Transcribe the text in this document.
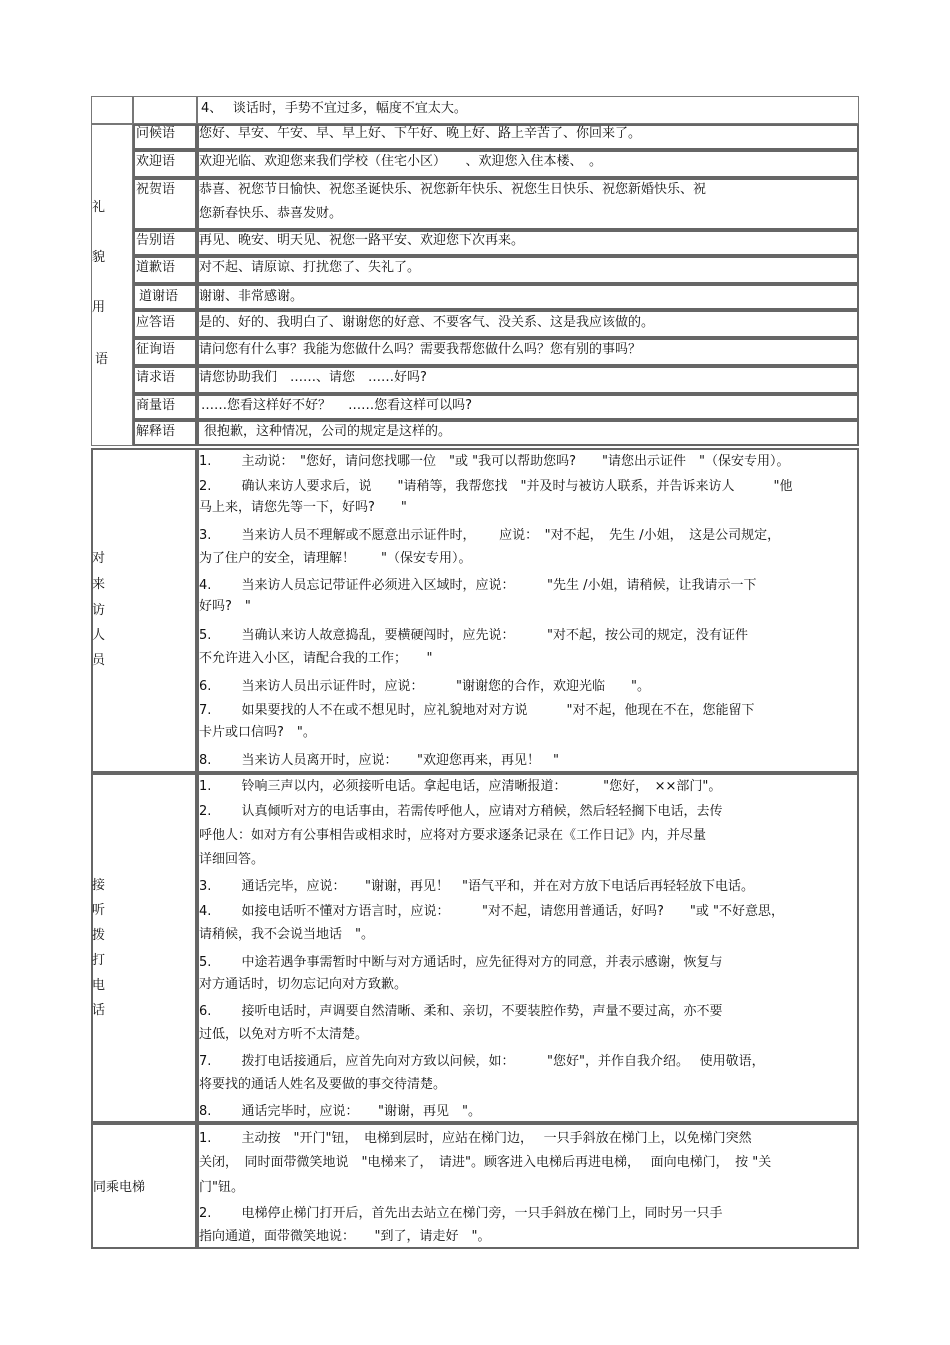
4、　 谈话时，手势不宜过多，幅度不宜太大。
礼
貌
用
语
问候语 您好、早安、午安、早、早上好、下午好、晚上好、路上辛苦了、你回来了。
欢迎语 欢迎光临、欢迎您来我们学校（住宅小区）　　、欢迎您入住本楼、　。
祝贺语 恭喜、祝您节日愉快、祝您圣诞快乐、祝您新年快乐、祝您生日快乐、祝您新婚快乐、祝
您新春快乐、恭喜发财。
告别语 再见、晚安、明天见、祝您一路平安、欢迎您下次再来。
道歉语 对不起、请原谅、打扰您了、失礼了。
道谢语 谢谢、非常感谢。
应答语 是的、好的、我明白了、谢谢您的好意、不要客气、没关系、这是我应该做的。
征询语 请问您有什么事？我能为您做什么吗？需要我帮您做什么吗？您有别的事吗？
请求语 请您协助我们　……、请您　……好吗?
商量语 ……您看这样好不好？　 ……您看这样可以吗?
解释语 很抱歉，这种情况，公司的规定是这样的。
对
来
访
人
员
1.　　 主动说：　"您好，请问您找哪一位　"或 "我可以帮助您吗?　　"请您出示证件　"（保安专用）。
2.　　 确认来访人要求后，说　　"请稍等，我帮您找　"并及时与被访人联系，并告诉来访人　　　"他
马上来，请您先等一下，好吗?　　"
3.　　 当来访人员不理解或不愿意出示证件时，　　 应说：　"对不起，　先生 /小姐，　这是公司规定，
为了住户的安全，请理解！　　"（保安专用）。
4.　　 当来访人员忘记带证件必须进入区域时，应说：　　　"先生 /小姐，请稍候，让我请示一下
好吗?　"
5.　　 当确认来访人故意捣乱，要横硬闯时，应先说：　　　"对不起，按公司的规定，没有证件
不允许进入小区，请配合我的工作；　　"
6.　　 当来访人员出示证件时，应说：　　　"谢谢您的合作，欢迎光临　　"。
7.　　 如果要找的人不在或不想见时，应礼貌地对对方说　　　"对不起，他现在不在，您能留下
卡片或口信吗?　"。
8.　　 当来访人员离开时，应说：　　"欢迎您再来，再见！　"
接
听
拨
打
电
话
1.　　 铃响三声以内，必须接听电话。拿起电话，应清晰报道：　　　 "您好，　××部门"。
2.　　 认真倾听对方的电话事由，若需传呼他人，应请对方稍候，然后轻轻搁下电话，去传
呼他人：如对方有公事相告或相求时，应将对方要求逐条记录在《工作日记》内，并尽量
详细回答。
3.　　 通话完毕，应说：　　"谢谢，再见！　"语气平和，并在对方放下电话后再轻轻放下电话。
4.　　 如接电话听不懂对方语言时，应说：　　　"对不起，请您用普通话，好吗?　　"或 "不好意思，
请稍候，我不会说当地话　"。
5.　　 中途若遇争事需暂时中断与对方通话时，应先征得对方的同意，并表示感谢，恢复与
对方通话时，切勿忘记向对方致歉。
6.　　 接听电话时，声调要自然清晰、柔和、亲切，不要装腔作势，声量不要过高，亦不要
过低，以免对方听不太清楚。
7.　　 拨打电话接通后，应首先向对方致以问候，如：　　　"您好"，并作自我介绍。　 使用敬语，
将要找的通话人姓名及要做的事交待清楚。
8.　　 通话完毕时，应说：　　"谢谢，再见　"。
同乘电梯
1.　　 主动按　"开门"钮，　电梯到层时，应站在梯门边，　 一只手斜放在梯门上，以免梯门突然
关闭，　同时面带微笑地说　"电梯来了，　请进"。顾客进入电梯后再进电梯，　 面向电梯门，　按 "关
门"钮。
2.　　 电梯停止梯门打开后，首先出去站立在梯门旁，一只手斜放在梯门上，同时另一只手
指向通道，面带微笑地说：　　"到了，请走好　"。
